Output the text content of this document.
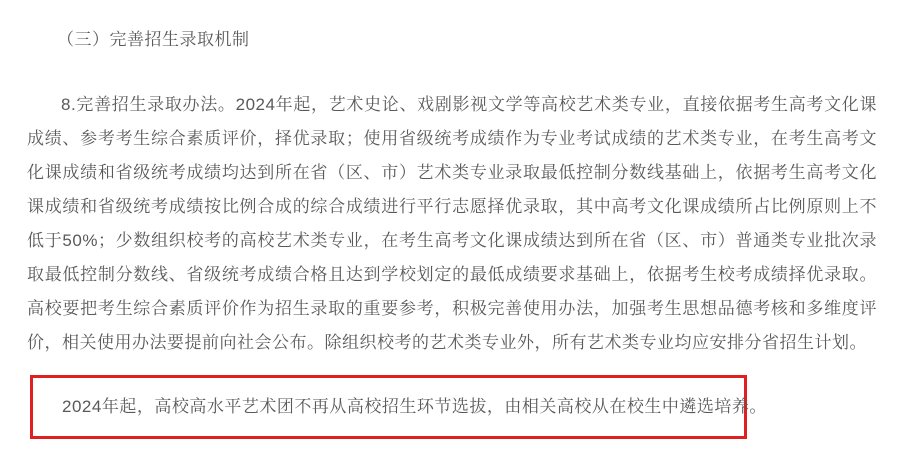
（三）完善招生录取机制

8.完善招生录取办法。2024年起，艺术史论、戏剧影视文学等高校艺术类专业，直接依据考生高考文化课成绩、参考考生综合素质评价，择优录取；使用省级统考成绩作为专业考试成绩的艺术类专业，在考生高考文化课成绩和省级统考成绩均达到所在省（区、市）艺术类专业录取最低控制分数线基础上，依据考生高考文化课成绩和省级统考成绩按比例合成的综合成绩进行平行志愿择优录取，其中高考文化课成绩所占比例原则上不低于50%；少数组织校考的高校艺术类专业，在考生高考文化课成绩达到所在省（区、市）普通类专业批次录取最低控制分数线、省级统考成绩合格且达到学校划定的最低成绩要求基础上，依据考生校考成绩择优录取。高校要把考生综合素质评价作为招生录取的重要参考，积极完善使用办法，加强考生思想品德考核和多维度评价，相关使用办法要提前向社会公布。除组织校考的艺术类专业外，所有艺术类专业均应安排分省招生计划。

2024年起，高校高水平艺术团不再从高校招生环节选拔，由相关高校从在校生中遴选培养。
